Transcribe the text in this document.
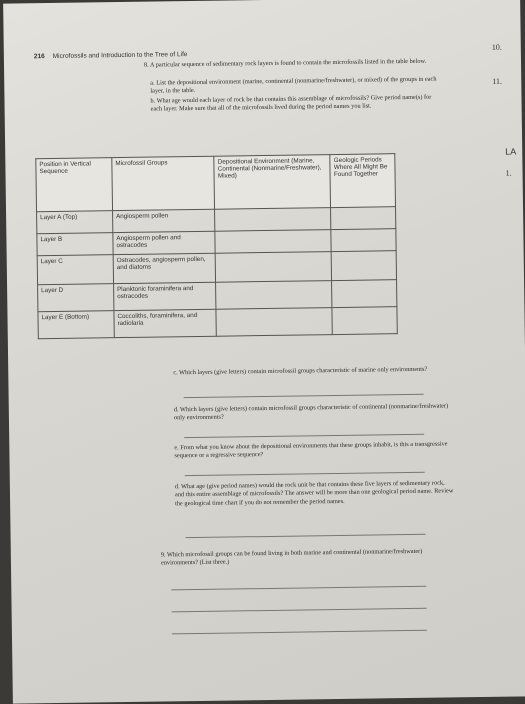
10.
11.
LA
1.
216 Microfossils and Introduction to the Tree of Life
8. A particular sequence of sedimentary rock layers is found to contain the microfossils listed in the table below.
a. List the depositional environment (marine, continental (nonmarine/freshwater), or mixed) of the groups in each layer, in the table.
b. What age would each layer of rock be that contains this assemblage of microfossils? Give period name(s) for each layer. Make sure that all of the microfossils lived during the period names you list.
Position in Vertical Sequence	Microfossil Groups	Depositional Environment (Marine, Continental (Nonmarine/Freshwater), Mixed)	Geologic Periods Where All Might Be Found Together
Layer A (Top)	Angiosperm pollen		
Layer B	Angiosperm pollen and ostracodes		
Layer C	Ostracodes, angiosperm pollen, and diatoms		
Layer D	Planktonic foraminifera and ostracodes		
Layer E (Bottom)	Coccoliths, foraminifera, and radiolaria		
c. Which layers (give letters) contain microfossil groups characteristic of marine only environments?
d. Which layers (give letters) contain microfossil groups characteristic of continental (nonmarine/freshwater) only environments?
e. From what you know about the depositional environments that these groups inhabit, is this a transgressive sequence or a regressive sequence?
d. What age (give period names) would the rock unit be that contains these five layers of sedimentary rock, and this entire assemblage of microfossils? The answer will be more than one geological period name. Review the geological time chart if you do not remember the period names.
9. Which microfossil groups can be found living in both marine and continental (nonmarine/freshwater) environments? (List three.)
